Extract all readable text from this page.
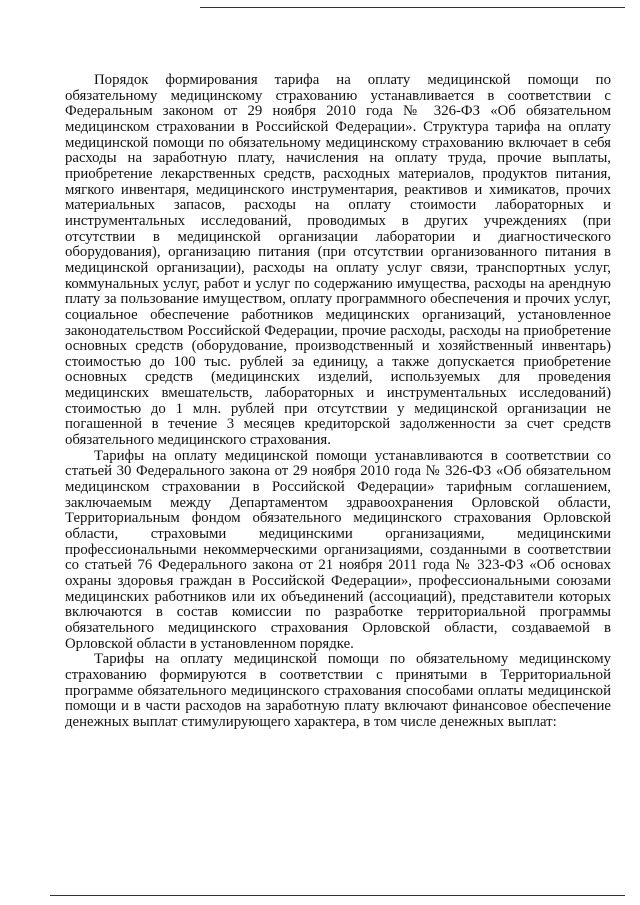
Порядок формирования тарифа на оплату медицинской помощи по обязательному медицинскому страхованию устанавливается в соответствии с Федеральным законом от 29 ноября 2010 года № 326-ФЗ «Об обязательном медицинском страховании в Российской Федерации». Структура тарифа на оплату медицинской помощи по обязательному медицинскому страхованию включает в себя расходы на заработную плату, начисления на оплату труда, прочие выплаты, приобретение лекарственных средств, расходных материалов, продуктов питания, мягкого инвентаря, медицинского инструментария, реактивов и химикатов, прочих материальных запасов, расходы на оплату стоимости лабораторных и инструментальных исследований, проводимых в других учреждениях (при отсутствии в медицинской организации лаборатории и диагностического оборудования), организацию питания (при отсутствии организованного питания в медицинской организации), расходы на оплату услуг связи, транспортных услуг, коммунальных услуг, работ и услуг по содержанию имущества, расходы на арендную плату за пользование имуществом, оплату программного обеспечения и прочих услуг, социальное обеспечение работников медицинских организаций, установленное законодательством Российской Федерации, прочие расходы, расходы на приобретение основных средств (оборудование, производственный и хозяйственный инвентарь) стоимостью до 100 тыс. рублей за единицу, а также допускается приобретение основных средств (медицинских изделий, используемых для проведения медицинских вмешательств, лабораторных и инструментальных исследований) стоимостью до 1 млн. рублей при отсутствии у медицинской организации не погашенной в течение 3 месяцев кредиторской задолженности за счет средств обязательного медицинского страхования.

Тарифы на оплату медицинской помощи устанавливаются в соответствии со статьей 30 Федерального закона от 29 ноября 2010 года № 326-ФЗ «Об обязательном медицинском страховании в Российской Федерации» тарифным соглашением, заключаемым между Департаментом здравоохранения Орловской области, Территориальным фондом обязательного медицинского страхования Орловской области, страховыми медицинскими организациями, медицинскими профессиональными некоммерческими организациями, созданными в соответствии со статьей 76 Федерального закона от 21 ноября 2011 года № 323-ФЗ «Об основах охраны здоровья граждан в Российской Федерации», профессиональными союзами медицинских работников или их объединений (ассоциаций), представители которых включаются в состав комиссии по разработке территориальной программы обязательного медицинского страхования Орловской области, создаваемой в Орловской области в установленном порядке.

Тарифы на оплату медицинской помощи по обязательному медицинскому страхованию формируются в соответствии с принятыми в Территориальной программе обязательного медицинского страхования способами оплаты медицинской помощи и в части расходов на заработную плату включают финансовое обеспечение денежных выплат стимулирующего характера, в том числе денежных выплат:
